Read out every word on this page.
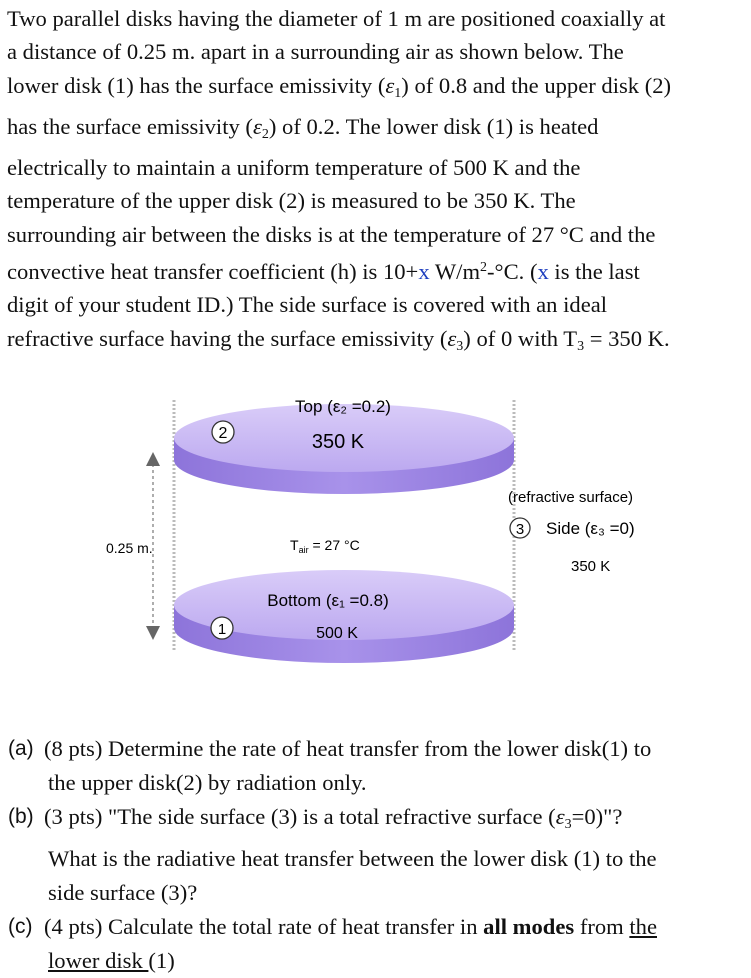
Two parallel disks having the diameter of 1 m are positioned coaxially at
a distance of 0.25 m. apart in a surrounding air as shown below. The
lower disk (1) has the surface emissivity $(\varepsilon_1)$ of 0.8 and the upper disk (2)
has the surface emissivity $(\varepsilon_2)$ of 0.2. The lower disk (1) is heated
electrically to maintain a uniform temperature of 500 K and the
temperature of the upper disk (2) is measured to be 350 K. The
surrounding air between the disks is at the temperature of 27 °C and the
convective heat transfer coefficient (h) is 10+x $W/m^2-^\circ C$. (x is the last
digit of your student ID.) The side surface is covered with an ideal
refractive surface having the surface emissivity $(\varepsilon_3)$ of 0 with $T_3 = 350$ K.
0.25 m.
Top (ε₂ =0.2)
350 K
2
$T_{air} = 27$ °C
Bottom (ε₁ =0.8)
500 K
1
(refractive surface)
3 Side (ε₃ =0)
350 K
(a) (8 pts) Determine the rate of heat transfer from the lower disk(1) to
the upper disk(2) by radiation only.
(b) (3 pts) "The side surface (3) is a total refractive surface $(\varepsilon_3=0)$"?
What is the radiative heat transfer between the lower disk (1) to the
side surface (3)?
(c) (4 pts) Calculate the total rate of heat transfer in all modes from the
lower disk (1)
